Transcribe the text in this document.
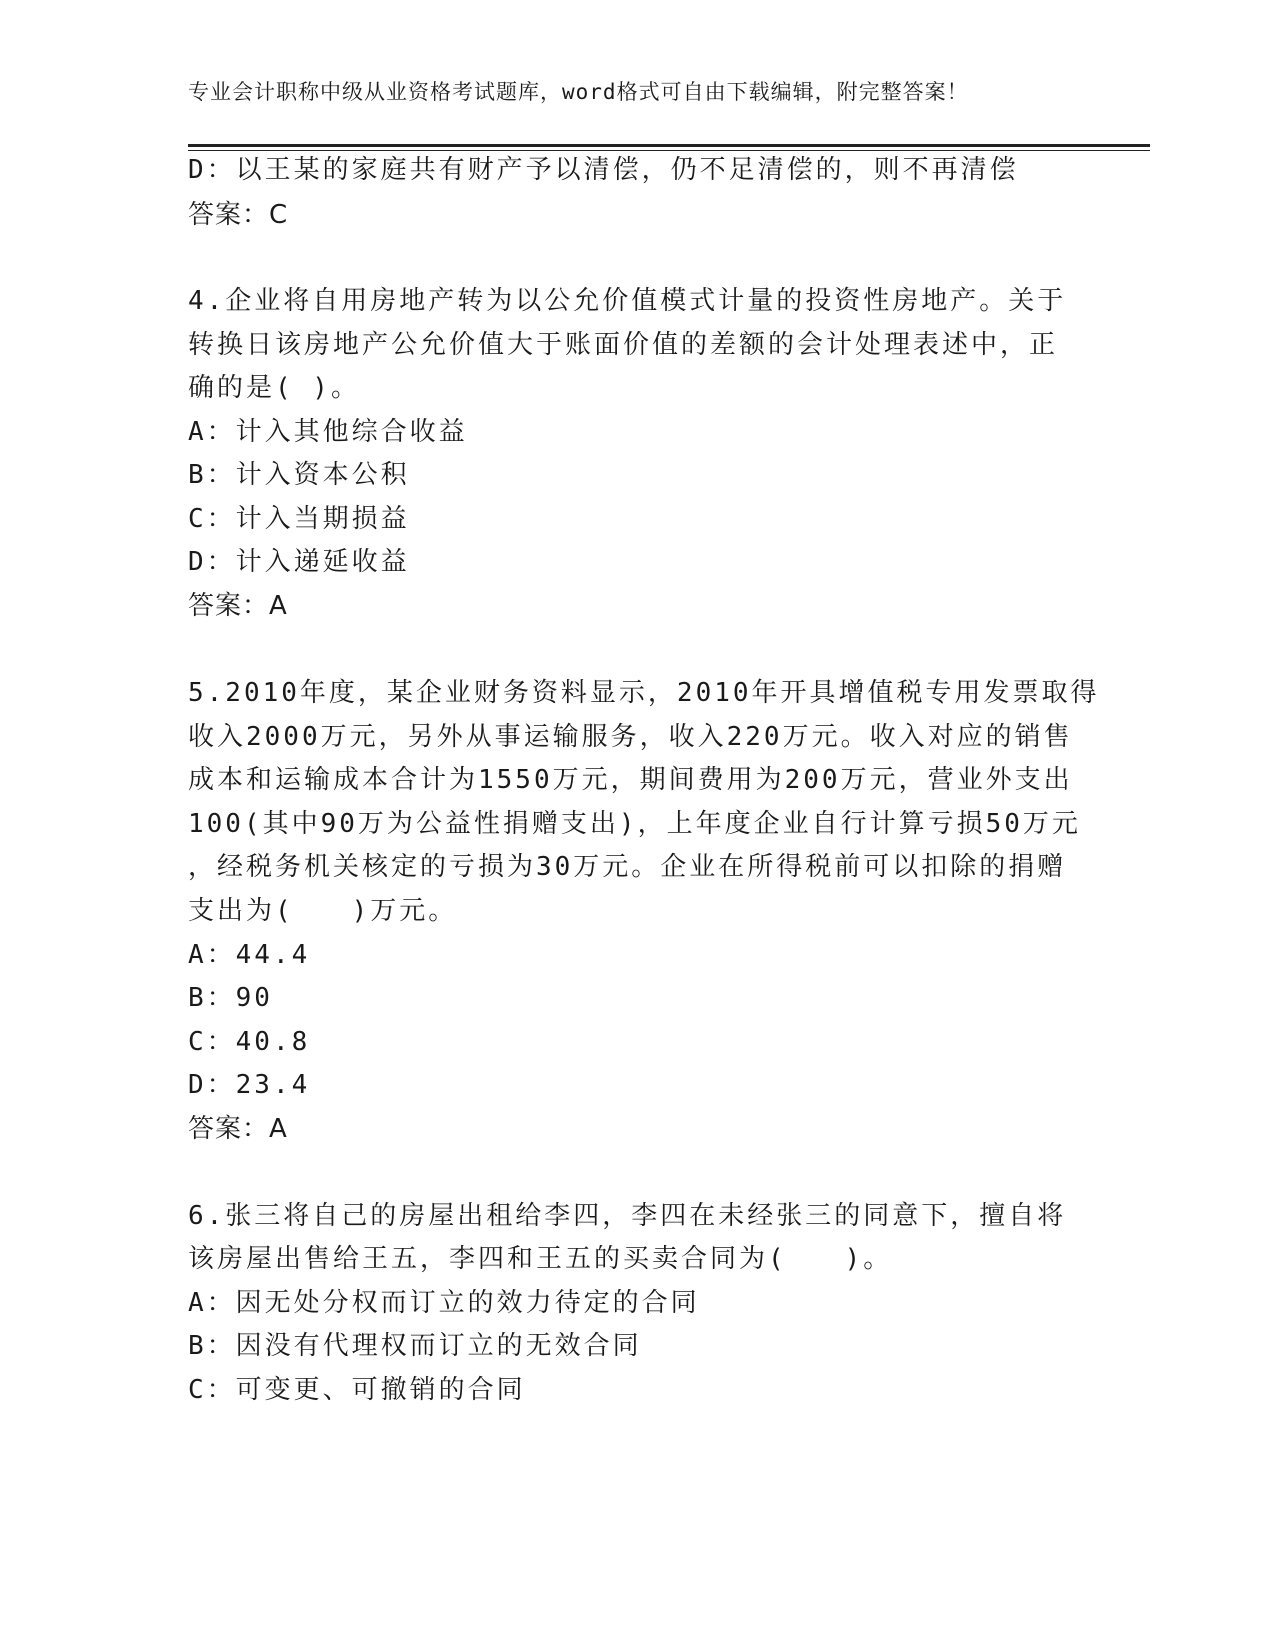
专业会计职称中级从业资格考试题库，word格式可自由下载编辑，附完整答案！
D：以王某的家庭共有财产予以清偿，仍不足清偿的，则不再清偿
答案：C
4.企业将自用房地产转为以公允价值模式计量的投资性房地产。关于
转换日该房地产公允价值大于账面价值的差额的会计处理表述中，正
确的是( )。
A：计入其他综合收益
B：计入资本公积
C：计入当期损益
D：计入递延收益
答案：A
5.2010年度，某企业财务资料显示，2010年开具增值税专用发票取得
收入2000万元，另外从事运输服务，收入220万元。收入对应的销售
成本和运输成本合计为1550万元，期间费用为200万元，营业外支出
100(其中90万为公益性捐赠支出)，上年度企业自行计算亏损50万元
，经税务机关核定的亏损为30万元。企业在所得税前可以扣除的捐赠
支出为(　　)万元。
A：44.4
B：90
C：40.8
D：23.4
答案：A
6.张三将自己的房屋出租给李四，李四在未经张三的同意下，擅自将
该房屋出售给王五，李四和王五的买卖合同为(　　)。
A：因无处分权而订立的效力待定的合同
B：因没有代理权而订立的无效合同
C：可变更、可撤销的合同
